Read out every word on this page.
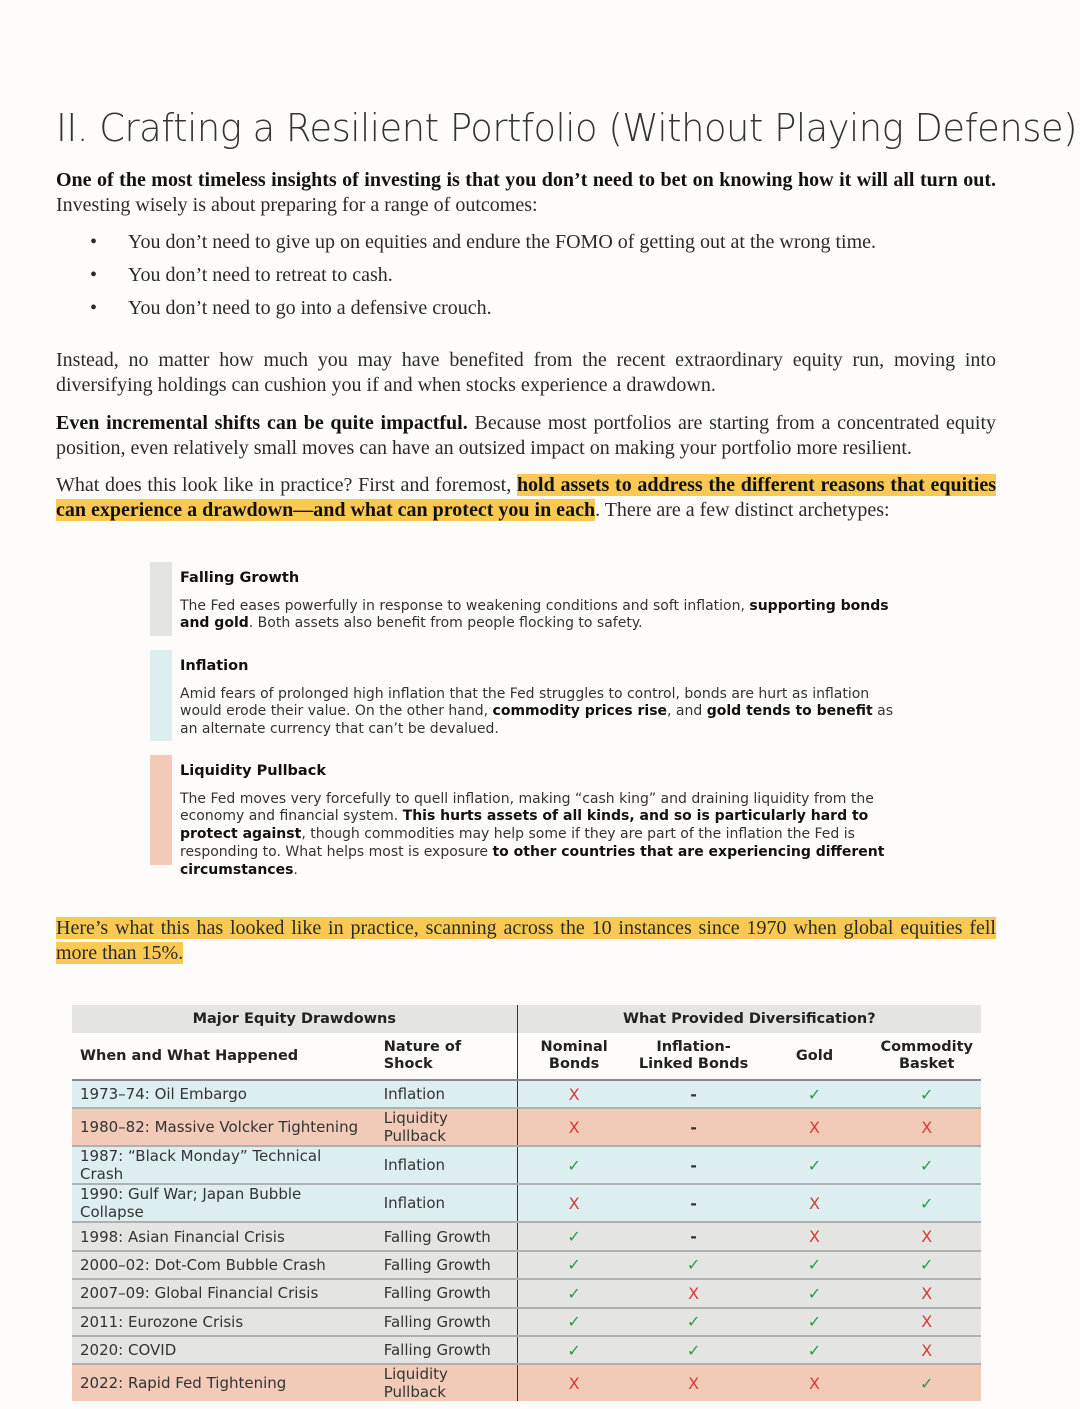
II. Crafting a Resilient Portfolio (Without Playing Defense)

One of the most timeless insights of investing is that you don’t need to bet on knowing how it will all turn out. Investing wisely is about preparing for a range of outcomes:

• You don’t need to give up on equities and endure the FOMO of getting out at the wrong time.
• You don’t need to retreat to cash.
• You don’t need to go into a defensive crouch.

Instead, no matter how much you may have benefited from the recent extraordinary equity run, moving into diversifying holdings can cushion you if and when stocks experience a drawdown.

Even incremental shifts can be quite impactful. Because most portfolios are starting from a concentrated equity position, even relatively small moves can have an outsized impact on making your portfolio more resilient.

What does this look like in practice? First and foremost, hold assets to address the different reasons that equities can experience a drawdown—and what can protect you in each. There are a few distinct archetypes:

Falling Growth
The Fed eases powerfully in response to weakening conditions and soft inflation, supporting bonds and gold. Both assets also benefit from people flocking to safety.
Inflation
Amid fears of prolonged high inflation that the Fed struggles to control, bonds are hurt as inflation would erode their value. On the other hand, commodity prices rise, and gold tends to benefit as an alternate currency that can’t be devalued.
Liquidity Pullback
The Fed moves very forcefully to quell inflation, making “cash king” and draining liquidity from the economy and financial system. This hurts assets of all kinds, and so is particularly hard to protect against, though commodities may help some if they are part of the inflation the Fed is responding to. What helps most is exposure to other countries that are experiencing different circumstances.

Here’s what this has looked like in practice, scanning across the 10 instances since 1970 when global equities fell more than 15%.

Major Equity Drawdowns		What Provided Diversification?			
When and What Happened	Nature of Shock	Nominal Bonds	Inflation-Linked Bonds	Gold	Commodity Basket
1973–74: Oil Embargo	Inflation	X	-	✓	✓
1980–82: Massive Volcker Tightening	Liquidity Pullback	X	-	X	X
1987: “Black Monday” Technical Crash	Inflation	✓	-	✓	✓
1990: Gulf War; Japan Bubble Collapse	Inflation	X	-	X	✓
1998: Asian Financial Crisis	Falling Growth	✓	-	X	X
2000–02: Dot-Com Bubble Crash	Falling Growth	✓	✓	✓	✓
2007–09: Global Financial Crisis	Falling Growth	✓	X	✓	X
2011: Eurozone Crisis	Falling Growth	✓	✓	✓	X
2020: COVID	Falling Growth	✓	✓	✓	X
2022: Rapid Fed Tightening	Liquidity Pullback	X	X	X	✓
